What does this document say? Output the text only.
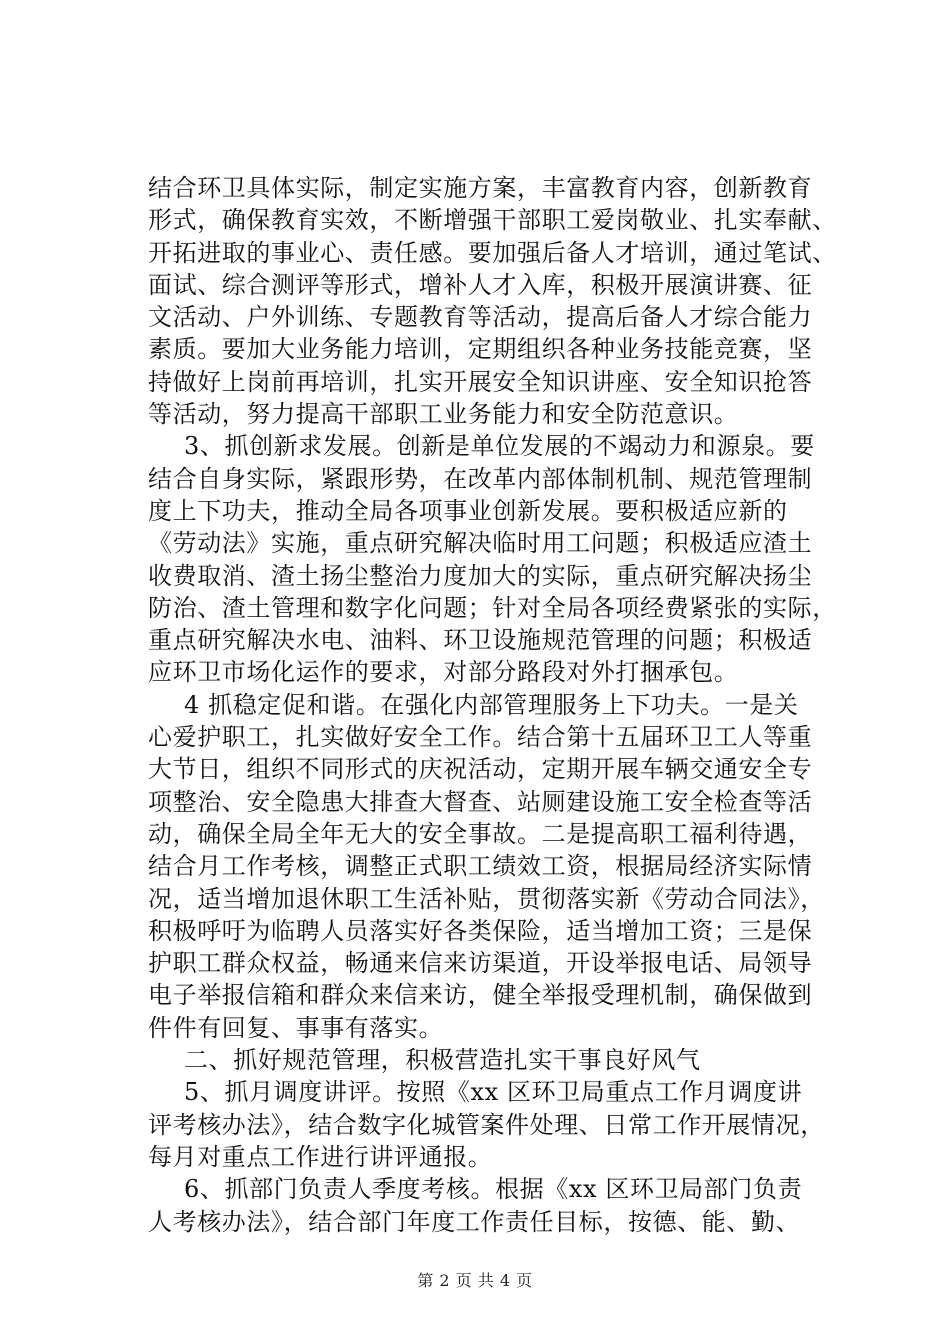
结合环卫具体实际，制定实施方案，丰富教育内容，创新教育
形式，确保教育实效，不断增强干部职工爱岗敬业、扎实奉献、
开拓进取的事业心、责任感。要加强后备人才培训，通过笔试、
面试、综合测评等形式，增补人才入库，积极开展演讲赛、征
文活动、户外训练、专题教育等活动，提高后备人才综合能力
素质。要加大业务能力培训，定期组织各种业务技能竞赛，坚
持做好上岗前再培训，扎实开展安全知识讲座、安全知识抢答
等活动，努力提高干部职工业务能力和安全防范意识。
3、抓创新求发展。创新是单位发展的不竭动力和源泉。要
结合自身实际，紧跟形势，在改革内部体制机制、规范管理制
度上下功夫，推动全局各项事业创新发展。要积极适应新的
《劳动法》实施，重点研究解决临时用工问题；积极适应渣土
收费取消、渣土扬尘整治力度加大的实际，重点研究解决扬尘
防治、渣土管理和数字化问题；针对全局各项经费紧张的实际，
重点研究解决水电、油料、环卫设施规范管理的问题；积极适
应环卫市场化运作的要求，对部分路段对外打捆承包。
4 抓稳定促和谐。在强化内部管理服务上下功夫。一是关
心爱护职工，扎实做好安全工作。结合第十五届环卫工人等重
大节日，组织不同形式的庆祝活动，定期开展车辆交通安全专
项整治、安全隐患大排查大督查、站厕建设施工安全检查等活
动，确保全局全年无大的安全事故。二是提高职工福利待遇，
结合月工作考核，调整正式职工绩效工资，根据局经济实际情
况，适当增加退休职工生活补贴，贯彻落实新《劳动合同法》，
积极呼吁为临聘人员落实好各类保险，适当增加工资；三是保
护职工群众权益，畅通来信来访渠道，开设举报电话、局领导
电子举报信箱和群众来信来访，健全举报受理机制，确保做到
件件有回复、事事有落实。
二、抓好规范管理，积极营造扎实干事良好风气
5、抓月调度讲评。按照《xx 区环卫局重点工作月调度讲
评考核办法》，结合数字化城管案件处理、日常工作开展情况，
每月对重点工作进行讲评通报。
6、抓部门负责人季度考核。根据《xx 区环卫局部门负责
人考核办法》，结合部门年度工作责任目标，按德、能、勤、
第 2 页 共 4 页
